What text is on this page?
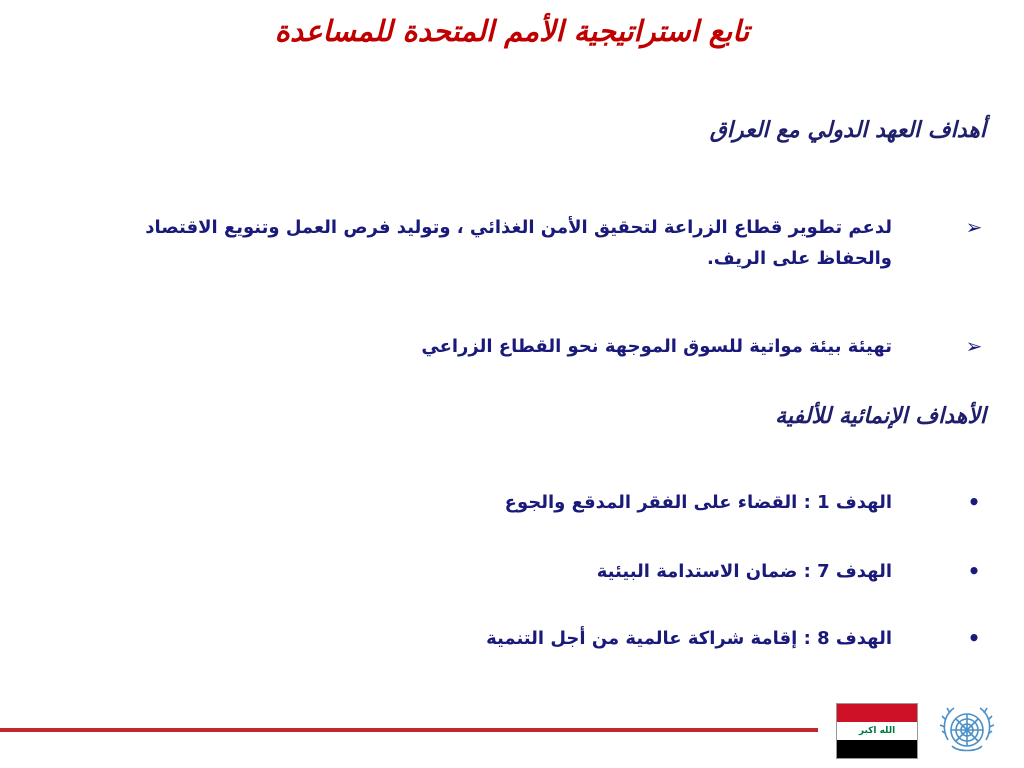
تابع استراتيجية الأمم المتحدة للمساعدة
أهداف العهد الدولي مع العراق
➢
لدعم تطوير قطاع الزراعة لتحقيق الأمن الغذائي ، وتوليد فرص العمل وتنويع الاقتصاد والحفاظ على الريف.
➢
تهيئة بيئة مواتية للسوق الموجهة نحو القطاع الزراعي
الأهداف الإنمائية للألفية
•
الهدف 1 : القضاء على الفقر المدقع والجوع
•
الهدف 7 : ضمان الاستدامة البيئية
•
الهدف 8 : إقامة شراكة عالمية من أجل التنمية
الله اكبر
